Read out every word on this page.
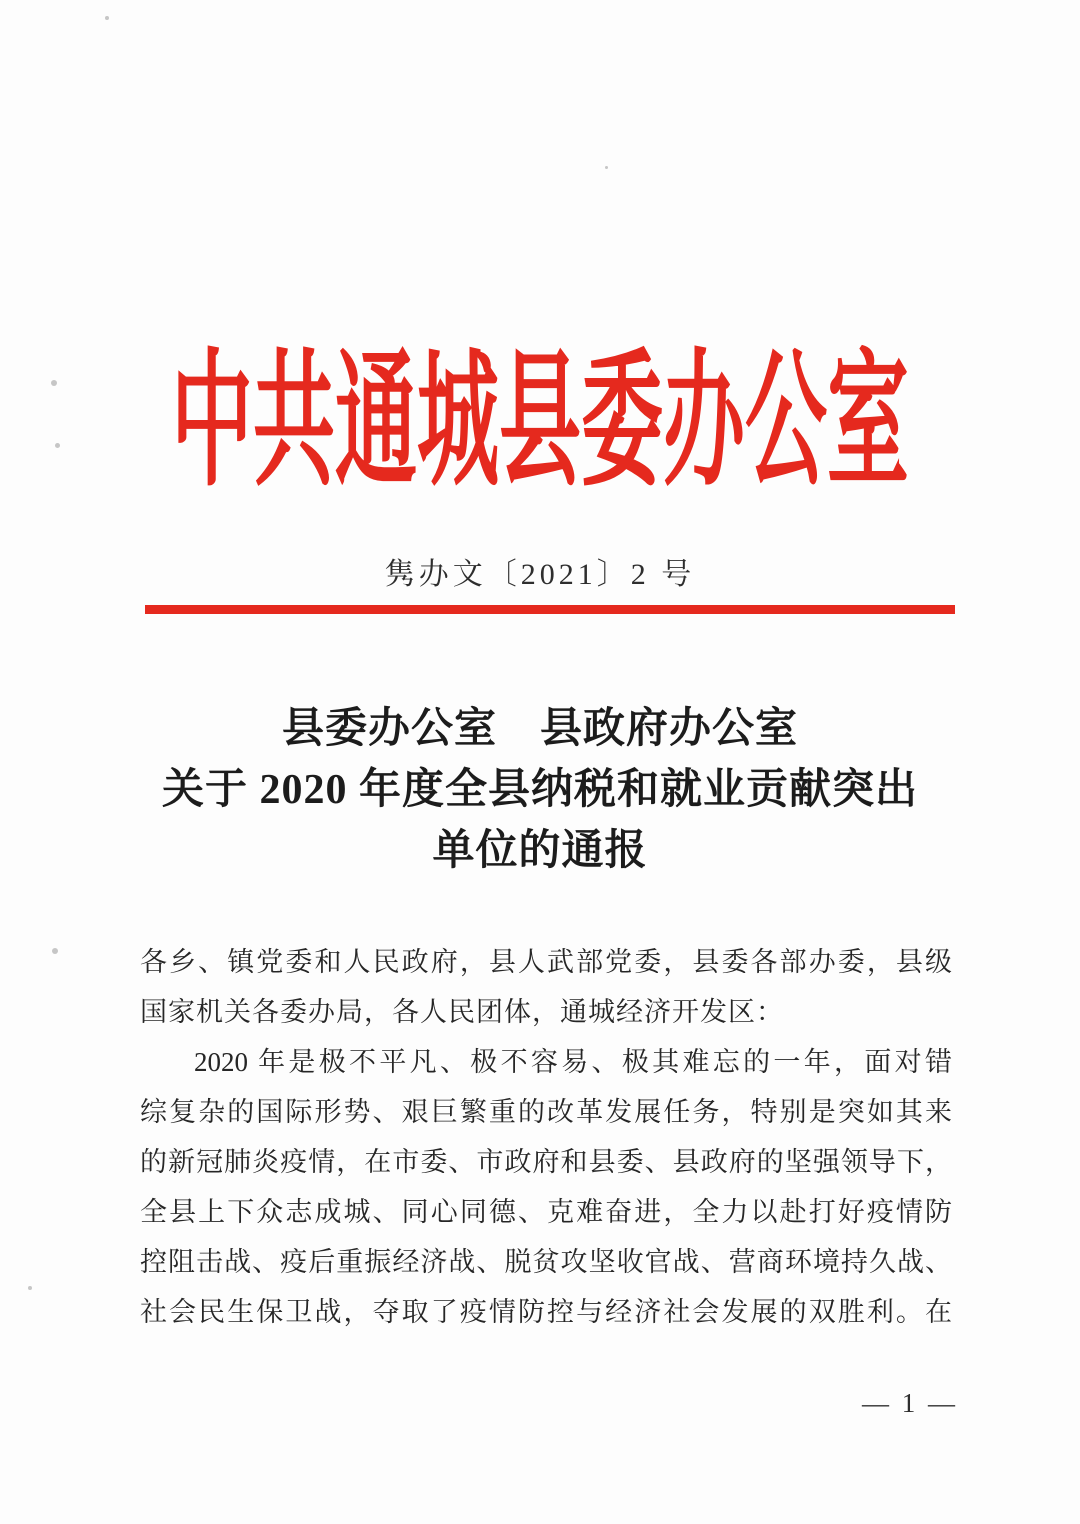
中共通城县委办公室
隽办文〔2021〕2 号
县委办公室　县政府办公室
关于 2020 年度全县纳税和就业贡献突出
单位的通报
各乡、镇党委和人民政府，县人武部党委，县委各部办委，县级
国家机关各委办局，各人民团体，通城经济开发区：
2020 年是极不平凡、极不容易、极其难忘的一年，面对错
综复杂的国际形势、艰巨繁重的改革发展任务，特别是突如其来
的新冠肺炎疫情，在市委、市政府和县委、县政府的坚强领导下，
全县上下众志成城、同心同德、克难奋进，全力以赴打好疫情防
控阻击战、疫后重振经济战、脱贫攻坚收官战、营商环境持久战、
社会民生保卫战，夺取了疫情防控与经济社会发展的双胜利。在
— 1 —
